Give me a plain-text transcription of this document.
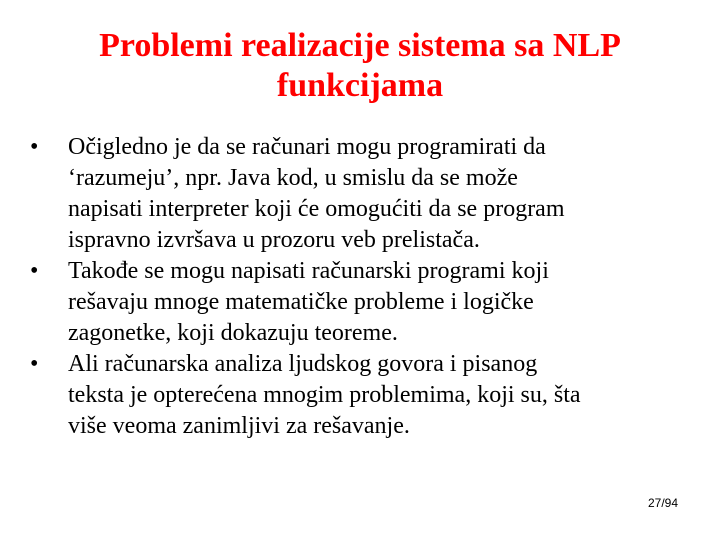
Problemi realizacije sistema sa NLP
funkcijama
•	Očigledno je da se računari mogu programirati da
‘razumeju’, npr. Java kod, u smislu da se može
napisati interpreter koji će omogućiti da se program
ispravno izvršava u prozoru veb prelistača.
•	Takođe se mogu napisati računarski programi koji
rešavaju mnoge matematičke probleme i logičke
zagonetke, koji dokazuju teoreme.
•	Ali računarska analiza ljudskog govora i pisanog
teksta je opterećena mnogim problemima, koji su, šta
više veoma zanimljivi za rešavanje.
27/94
